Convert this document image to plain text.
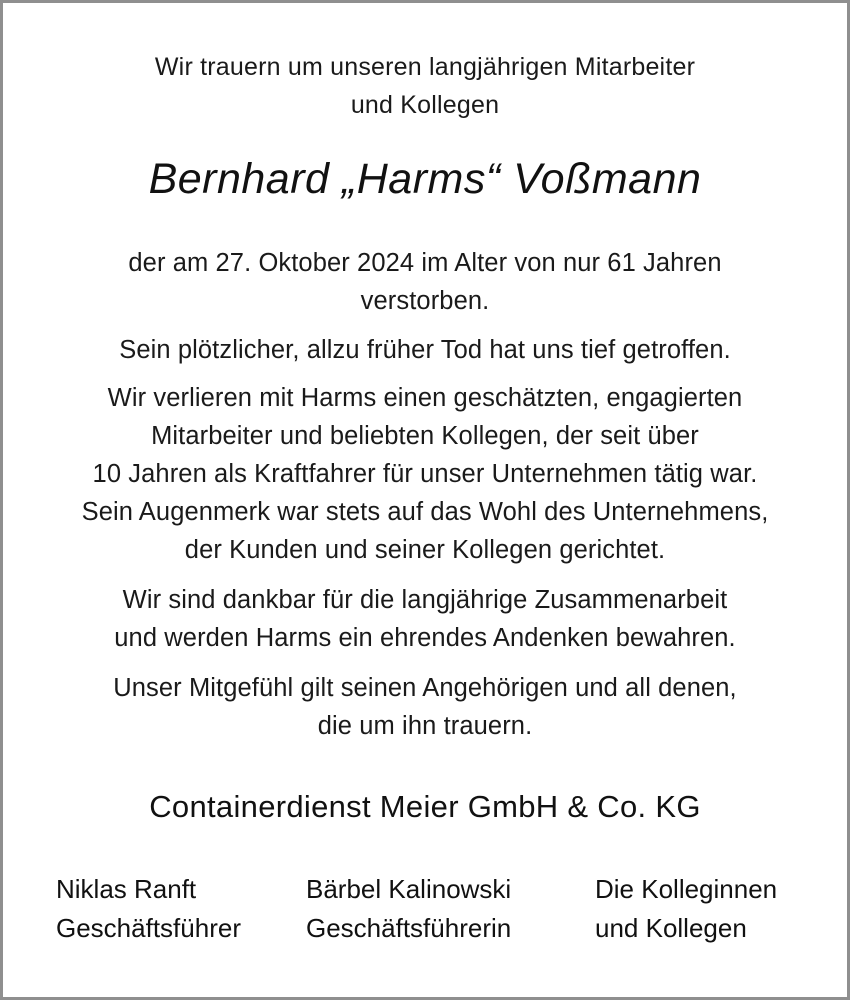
Wir trauern um unseren langjährigen Mitarbeiter
und Kollegen
Bernhard „Harms“ Voßmann
der am 27. Oktober 2024 im Alter von nur 61 Jahren
verstorben.
Sein plötzlicher, allzu früher Tod hat uns tief getroffen.
Wir verlieren mit Harms einen geschätzten, engagierten
Mitarbeiter und beliebten Kollegen, der seit über
10 Jahren als Kraftfahrer für unser Unternehmen tätig war.
Sein Augenmerk war stets auf das Wohl des Unternehmens,
der Kunden und seiner Kollegen gerichtet.
Wir sind dankbar für die langjährige Zusammenarbeit
und werden Harms ein ehrendes Andenken bewahren.
Unser Mitgefühl gilt seinen Angehörigen und all denen,
die um ihn trauern.
Containerdienst Meier GmbH & Co. KG
Niklas Ranft
Geschäftsführer
Bärbel Kalinowski
Geschäftsführerin
Die Kolleginnen
und Kollegen
